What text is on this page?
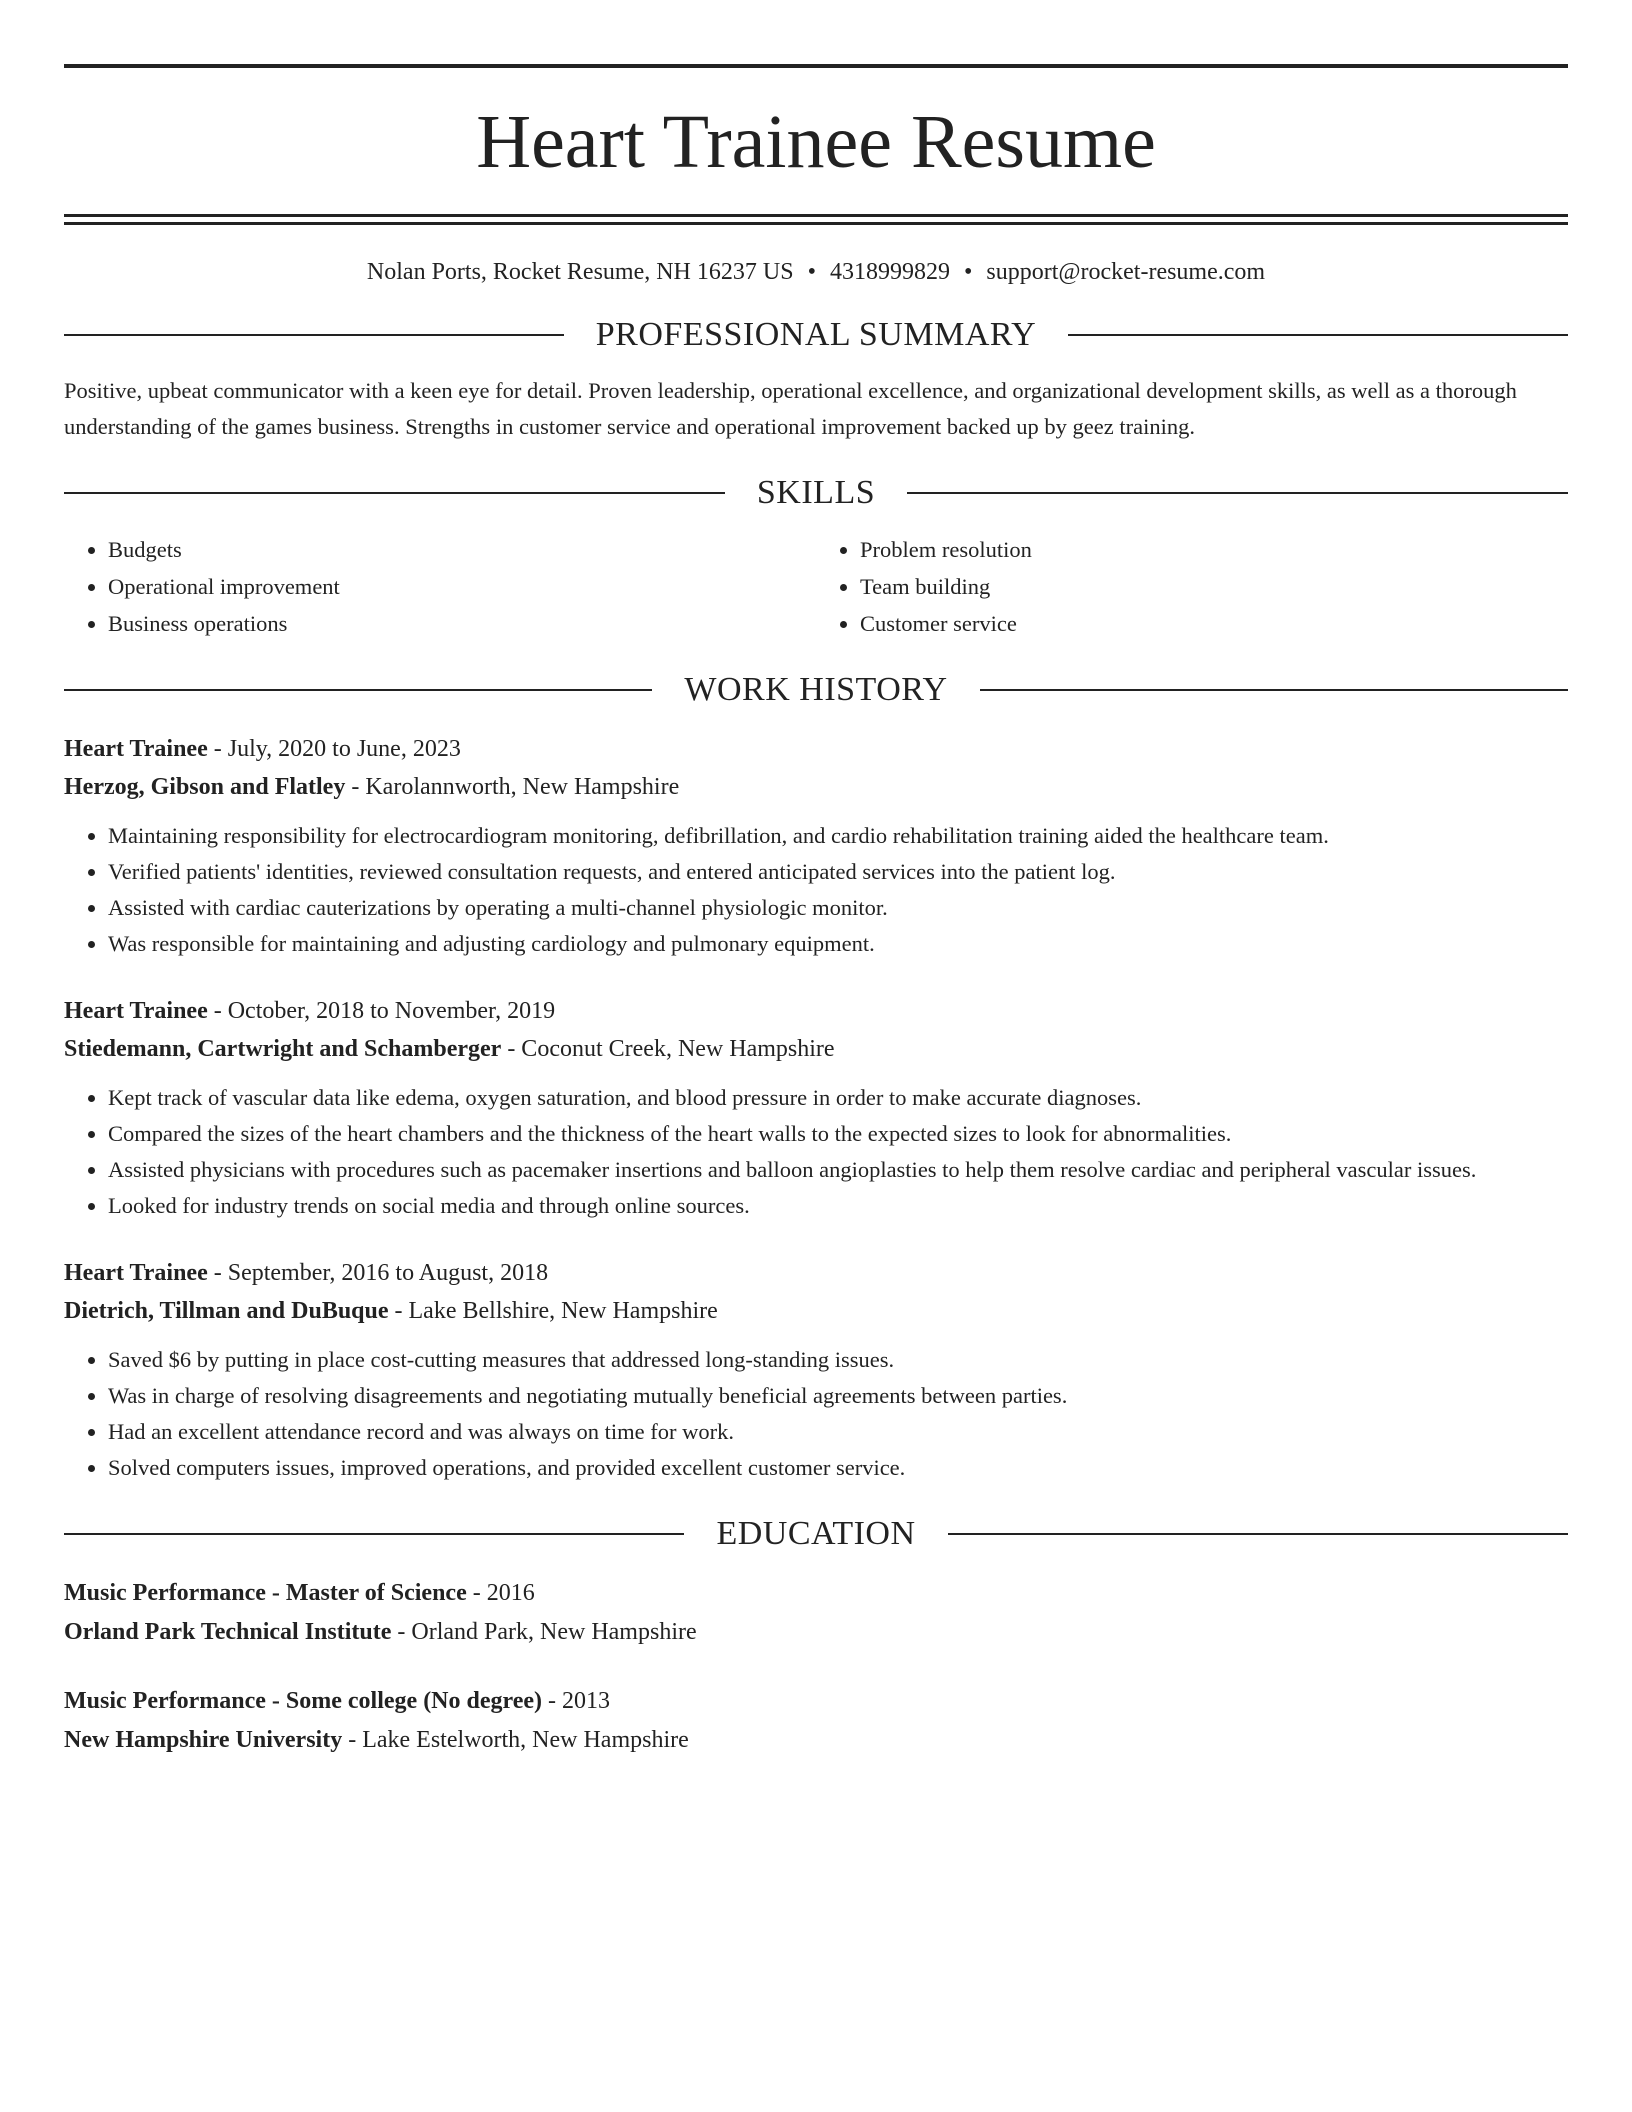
Heart Trainee Resume
Nolan Ports, Rocket Resume, NH 16237 US • 4318999829 • support@rocket-resume.com
PROFESSIONAL SUMMARY
Positive, upbeat communicator with a keen eye for detail. Proven leadership, operational excellence, and organizational development skills, as well as a thorough understanding of the games business. Strengths in customer service and operational improvement backed up by geez training.
SKILLS
• Budgets
• Operational improvement
• Business operations
• Problem resolution
• Team building
• Customer service
WORK HISTORY
Heart Trainee - July, 2020 to June, 2023
Herzog, Gibson and Flatley - Karolannworth, New Hampshire
• Maintaining responsibility for electrocardiogram monitoring, defibrillation, and cardio rehabilitation training aided the healthcare team.
• Verified patients' identities, reviewed consultation requests, and entered anticipated services into the patient log.
• Assisted with cardiac cauterizations by operating a multi-channel physiologic monitor.
• Was responsible for maintaining and adjusting cardiology and pulmonary equipment.
Heart Trainee - October, 2018 to November, 2019
Stiedemann, Cartwright and Schamberger - Coconut Creek, New Hampshire
• Kept track of vascular data like edema, oxygen saturation, and blood pressure in order to make accurate diagnoses.
• Compared the sizes of the heart chambers and the thickness of the heart walls to the expected sizes to look for abnormalities.
• Assisted physicians with procedures such as pacemaker insertions and balloon angioplasties to help them resolve cardiac and peripheral vascular issues.
• Looked for industry trends on social media and through online sources.
Heart Trainee - September, 2016 to August, 2018
Dietrich, Tillman and DuBuque - Lake Bellshire, New Hampshire
• Saved $6 by putting in place cost-cutting measures that addressed long-standing issues.
• Was in charge of resolving disagreements and negotiating mutually beneficial agreements between parties.
• Had an excellent attendance record and was always on time for work.
• Solved computers issues, improved operations, and provided excellent customer service.
EDUCATION
Music Performance - Master of Science - 2016
Orland Park Technical Institute - Orland Park, New Hampshire
Music Performance - Some college (No degree) - 2013
New Hampshire University - Lake Estelworth, New Hampshire
